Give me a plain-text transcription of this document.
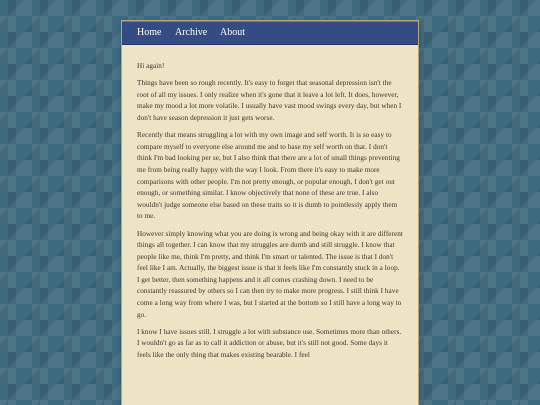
Home Archive About

Hi again!

Things have been so rough recently. It's easy to forget that seasonal depression isn't the root of all my issues. I only realize when it's gone that it leave a lot left. It does, however, make my mood a lot more volatile. I usually have vast mood swings every day, but when I don't have season depression it just gets worse.

Recently that means struggling a lot with my own image and self worth. It is so easy to compare myself to everyone else around me and to base my self worth on that. I don't think I'm bad looking per se, but I also think that there are a lot of small things preventing me from being really happy with the way I look. From there it's easy to make more comparisons with other people. I'm not pretty enough, or popular enough, I don't get out enough, or something similar. I know objectively that none of these are true. I also wouldn't judge someone else based on these traits so it is dumb to pointlessly apply them to me.

However simply knowing what you are doing is wrong and being okay with it are different things all together. I can know that my struggles are dumb and still struggle. I know that people like me, think I'm pretty, and think I'm smart or talented. The issue is that I don't feel like I am. Actually, the biggest issue is that it feels like I'm constantly stuck in a loop. I get better, then something happens and it all comes crashing down. I need to be constantly reassured by others so I can then try to make more progress. I still think I have come a long way from where I was, but I started at the bottom so I still have a long way to go.

I know I have issues still. I struggle a lot with substance use. Sometimes more than others. I wouldn't go as far as to call it addiction or abuse, but it's still not good. Some days it feels like the only thing that makes existing bearable. I feel
